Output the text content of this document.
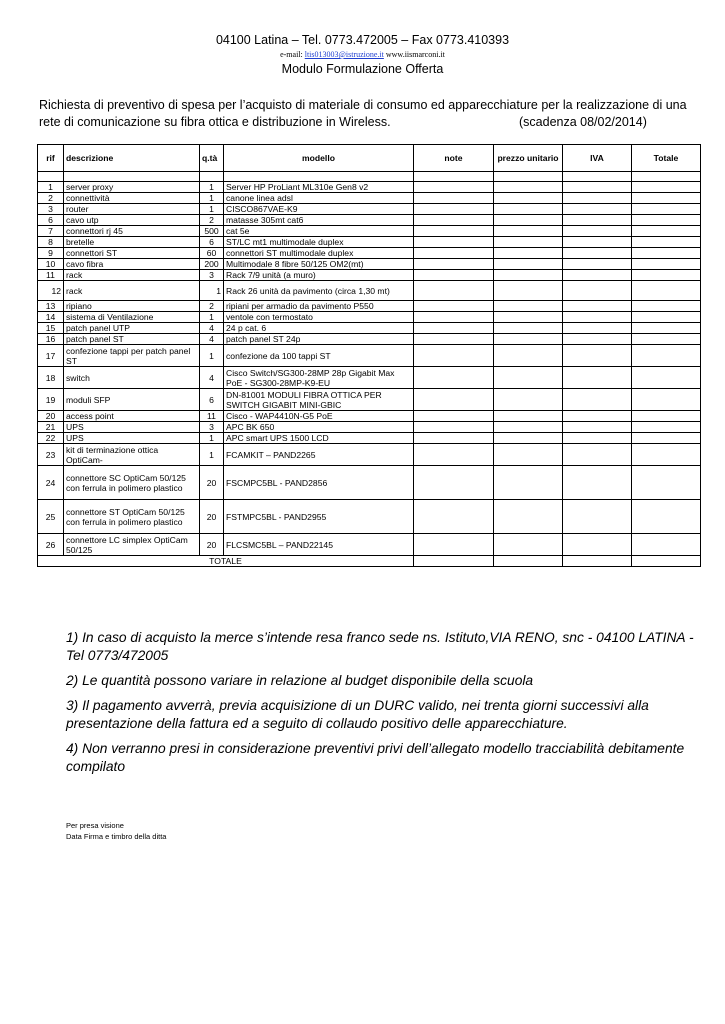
04100 Latina – Tel. 0773.472005 – Fax 0773.410393
e-mail: ltis013003@istruzione.it www.iismarconi.it
Modulo Formulazione Offerta
Richiesta di preventivo di spesa per l’acquisto di materiale di consumo ed apparecchiature per la realizzazione di una rete di comunicazione su fibra ottica e distribuzione in Wireless.	(scadenza 08/02/2014)
rif	descrizione	q.tà	modello	note	prezzo unitario	IVA	Totale

1	server proxy	1	Server HP ProLiant ML310e Gen8 v2				
2	connettività	1	canone linea adsl				
3	router	1	CISCO867VAE-K9				
6	cavo utp	2	matasse 305mt cat6				
7	connettori rj 45	500	cat 5e				
8	bretelle	6	ST/LC mt1 multimodale duplex				
9	connettori ST	60	connettori ST multimodale duplex				
10	cavo fibra	200	Multimodale 8 fibre 50/125 OM2(mt)				
11	rack	3	Rack 7/9 unità (a muro)				
12	rack	1	Rack 26 unità da pavimento (circa 1,30 mt)				
13	ripiano	2	ripiani per armadio da pavimento P550				
14	sistema di Ventilazione	1	ventole con termostato				
15	patch panel UTP	4	24 p cat. 6				
16	patch panel ST	4	patch panel ST 24p				
17	confezione tappi per patch panel ST	1	confezione da 100 tappi ST				
18	switch	4	Cisco Switch/SG300-28MP 28p Gigabit Max PoE - SG300-28MP-K9-EU				
19	moduli SFP	6	DN-81001 MODULI FIBRA OTTICA PER SWITCH GIGABIT MINI-GBIC				
20	access point	11	Cisco - WAP4410N-G5 PoE				
21	UPS	3	APC BK 650				
22	UPS	1	APC smart UPS 1500 LCD				
23	kit di terminazione ottica OptiCam-	1	FCAMKIT – PAND2265				
24	connettore SC OptiCam 50/125 con ferrula in polimero plastico	20	FSCMPC5BL - PAND2856				
25	connettore ST OptiCam 50/125 con ferrula in polimero plastico	20	FSTMPC5BL - PAND2955				
26	connettore LC simplex OptiCam 50/125	20	FLCSMC5BL – PAND22145				
TOTALE							

1) In caso di acquisto la merce s’intende resa franco sede ns. Istituto,VIA RENO, snc - 04100 LATINA - Tel 0773/472005

2) Le quantità possono variare in relazione al budget disponibile della scuola

3) Il pagamento avverrà, previa acquisizione di un DURC valido, nei trenta giorni successivi alla presentazione della fattura ed a seguito di collaudo positivo delle apparecchiature.

4) Non verranno presi in considerazione preventivi privi dell’allegato modello tracciabilità debitamente compilato

Per presa visione
Data Firma e timbro della ditta
